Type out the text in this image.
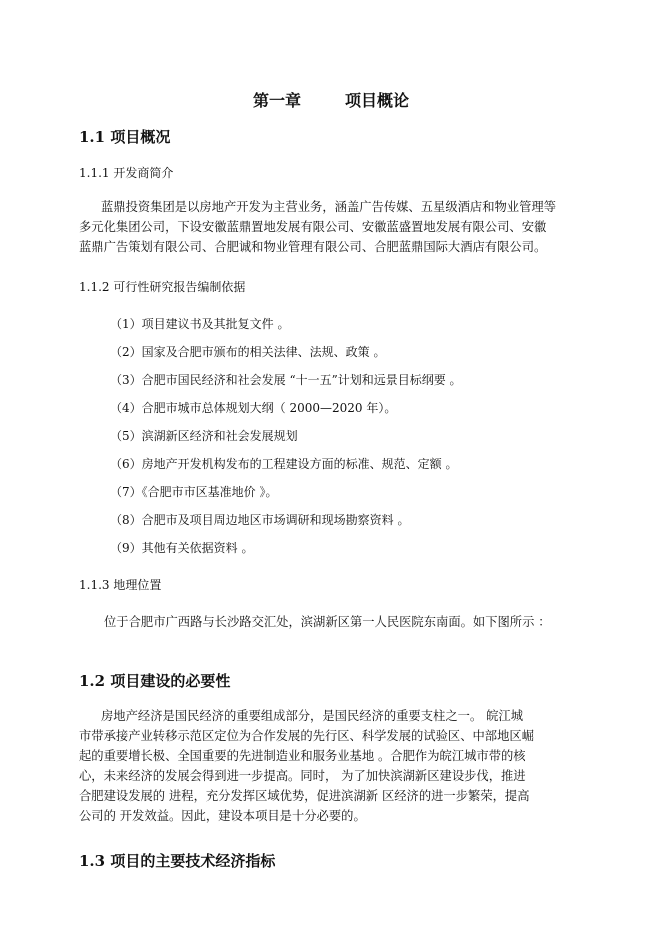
第一章	项目概论
1.1 项目概况
1.1.1 开发商简介
蓝鼎投资集团是以房地产开发为主营业务，涵盖广告传媒、五星级酒店和物业管理等
多元化集团公司，下设安徽蓝鼎置地发展有限公司、安徽蓝盛置地发展有限公司、安徽
蓝鼎广告策划有限公司、合肥诚和物业管理有限公司、合肥蓝鼎国际大酒店有限公司。
1.1.2 可行性研究报告编制依据
（1）项目建议书及其批复文件 。
（2）国家及合肥市颁布的相关法律、法规、政策 。
（3）合肥市国民经济和社会发展 “十一五”计划和远景目标纲要 。
（4）合肥市城市总体规划大纲（ 2000—2020 年）。
（5）滨湖新区经济和社会发展规划
（6）房地产开发机构发布的工程建设方面的标准、规范、定额 。
（7）《合肥市市区基准地价 》。
（8）合肥市及项目周边地区市场调研和现场勘察资料 。
（9）其他有关依据资料 。
1.1.3 地理位置
位于合肥市广西路与长沙路交汇处，滨湖新区第一人民医院东南面。如下图所示 ：
1.2 项目建设的必要性
房地产经济是国民经济的重要组成部分，是国民经济的重要支柱之一。 皖江城
市带承接产业转移示范区定位为合作发展的先行区、科学发展的试验区、中部地区崛
起的重要增长极、全国重要的先进制造业和服务业基地 。合肥作为皖江城市带的核
心，未来经济的发展会得到进一步提高。同时， 为了加快滨湖新区建设步伐，推进
合肥建设发展的 进程，充分发挥区域优势，促进滨湖新 区经济的进一步繁荣，提高
公司的 开发效益。因此，建设本项目是十分必要的。
1.3 项目的主要技术经济指标
